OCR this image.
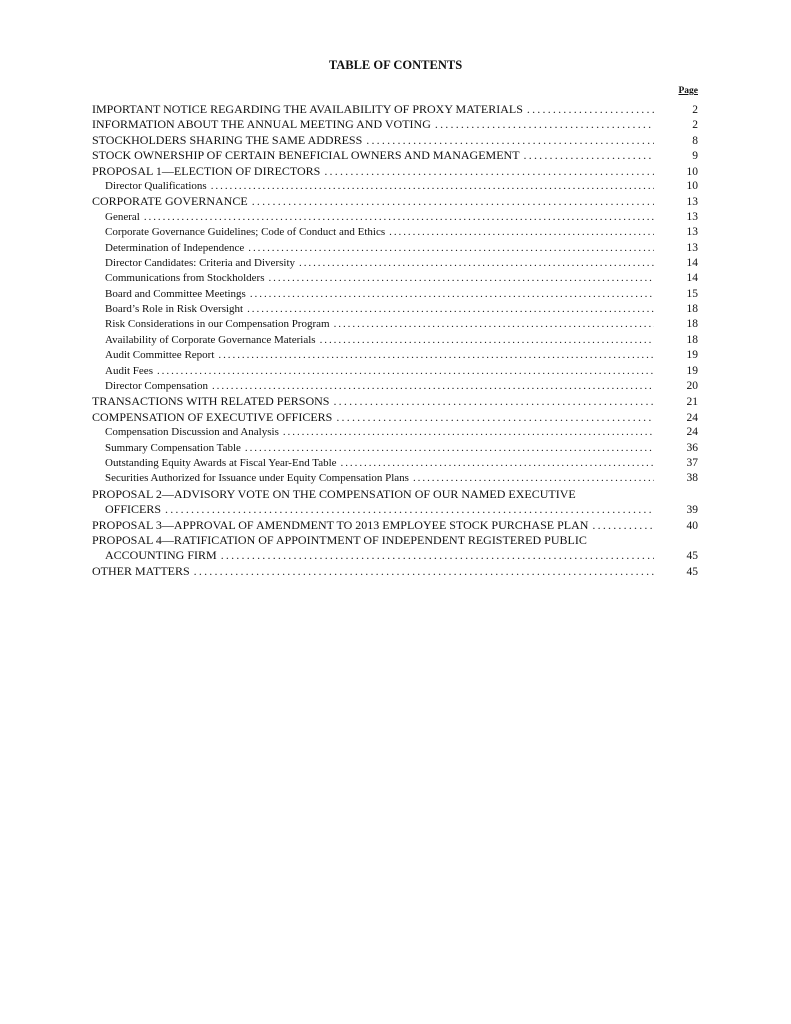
TABLE OF CONTENTS
Page
IMPORTANT NOTICE REGARDING THE AVAILABILITY OF PROXY MATERIALS . . .	2
INFORMATION ABOUT THE ANNUAL MEETING AND VOTING . . .	2
STOCKHOLDERS SHARING THE SAME ADDRESS . . .	8
STOCK OWNERSHIP OF CERTAIN BENEFICIAL OWNERS AND MANAGEMENT . . .	9
PROPOSAL 1—ELECTION OF DIRECTORS . . .	10
Director Qualifications . . .	10
CORPORATE GOVERNANCE . . .	13
General . . .	13
Corporate Governance Guidelines; Code of Conduct and Ethics . . .	13
Determination of Independence . . .	13
Director Candidates: Criteria and Diversity . . .	14
Communications from Stockholders . . .	14
Board and Committee Meetings . . .	15
Board’s Role in Risk Oversight . . .	18
Risk Considerations in our Compensation Program . . .	18
Availability of Corporate Governance Materials . . .	18
Audit Committee Report . . .	19
Audit Fees . . .	19
Director Compensation . . .	20
TRANSACTIONS WITH RELATED PERSONS . . .	21
COMPENSATION OF EXECUTIVE OFFICERS . . .	24
Compensation Discussion and Analysis . . .	24
Summary Compensation Table . . .	36
Outstanding Equity Awards at Fiscal Year-End Table . . .	37
Securities Authorized for Issuance under Equity Compensation Plans . . .	38
PROPOSAL 2—ADVISORY VOTE ON THE COMPENSATION OF OUR NAMED EXECUTIVE
OFFICERS . . .	39
PROPOSAL 3—APPROVAL OF AMENDMENT TO 2013 EMPLOYEE STOCK PURCHASE PLAN . . .	40
PROPOSAL 4—RATIFICATION OF APPOINTMENT OF INDEPENDENT REGISTERED PUBLIC
ACCOUNTING FIRM . . .	45
OTHER MATTERS . . .	45
